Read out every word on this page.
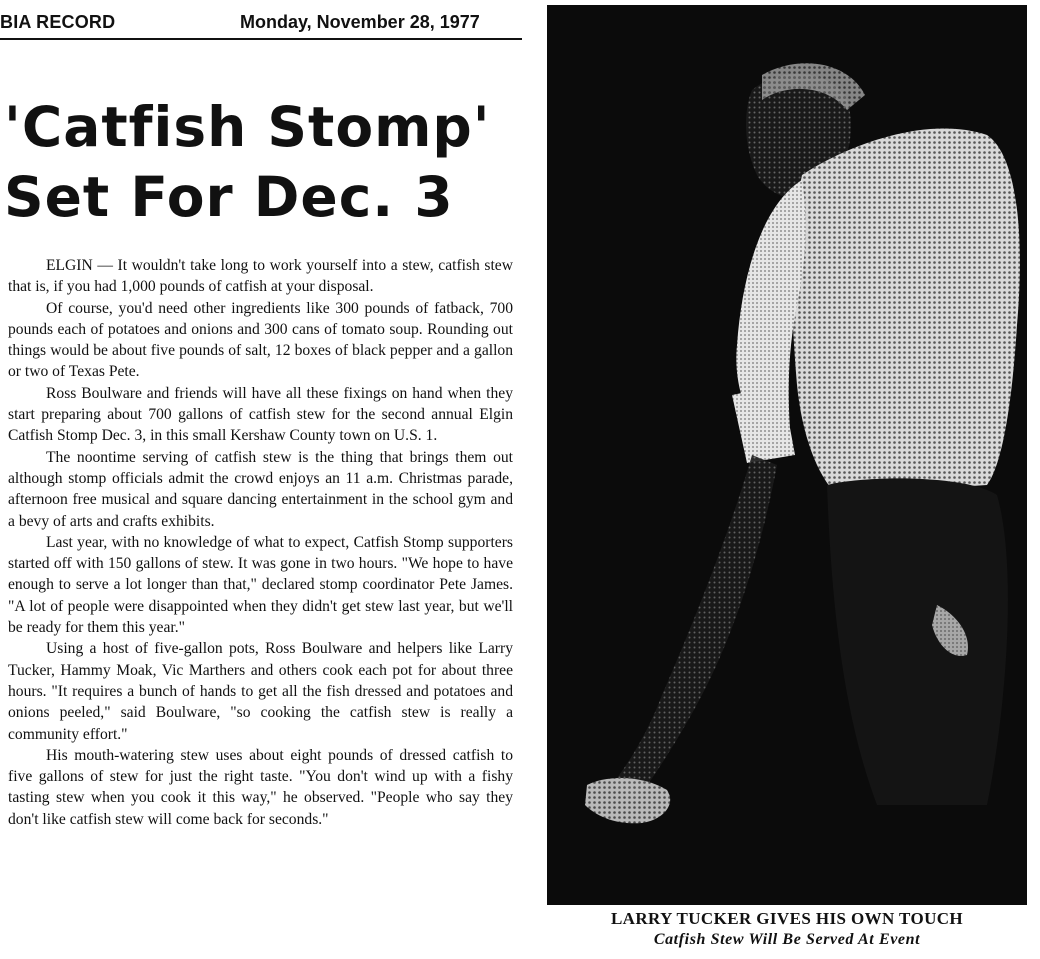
BIA RECORD	Monday, November 28, 1977
'Catfish Stomp'
Set For Dec. 3

ELGIN — It wouldn't take long to work yourself into a stew, catfish stew that is, if you had 1,000 pounds of catfish at your disposal.

Of course, you'd need other ingredients like 300 pounds of fatback, 700 pounds each of potatoes and onions and 300 cans of tomato soup. Rounding out things would be about five pounds of salt, 12 boxes of black pepper and a gallon or two of Texas Pete.

Ross Boulware and friends will have all these fixings on hand when they start preparing about 700 gallons of catfish stew for the second annual Elgin Catfish Stomp Dec. 3, in this small Kershaw County town on U.S. 1.

The noontime serving of catfish stew is the thing that brings them out although stomp officials admit the crowd enjoys an 11 a.m. Christmas parade, afternoon free musical and square dancing entertainment in the school gym and a bevy of arts and crafts exhibits.

Last year, with no knowledge of what to expect, Catfish Stomp supporters started off with 150 gallons of stew. It was gone in two hours. "We hope to have enough to serve a lot longer than that," declared stomp coordinator Pete James. "A lot of people were disappointed when they didn't get stew last year, but we'll be ready for them this year."

Using a host of five-gallon pots, Ross Boulware and helpers like Larry Tucker, Hammy Moak, Vic Marthers and others cook each pot for about three hours. "It requires a bunch of hands to get all the fish dressed and potatoes and onions peeled," said Boulware, "so cooking the catfish stew is really a community effort."

His mouth-watering stew uses about eight pounds of dressed catfish to five gallons of stew for just the right taste. "You don't wind up with a fishy tasting stew when you cook it this way," he observed. "People who say they don't like catfish stew will come back for seconds."

LARRY TUCKER GIVES HIS OWN TOUCH
Catfish Stew Will Be Served At Event
